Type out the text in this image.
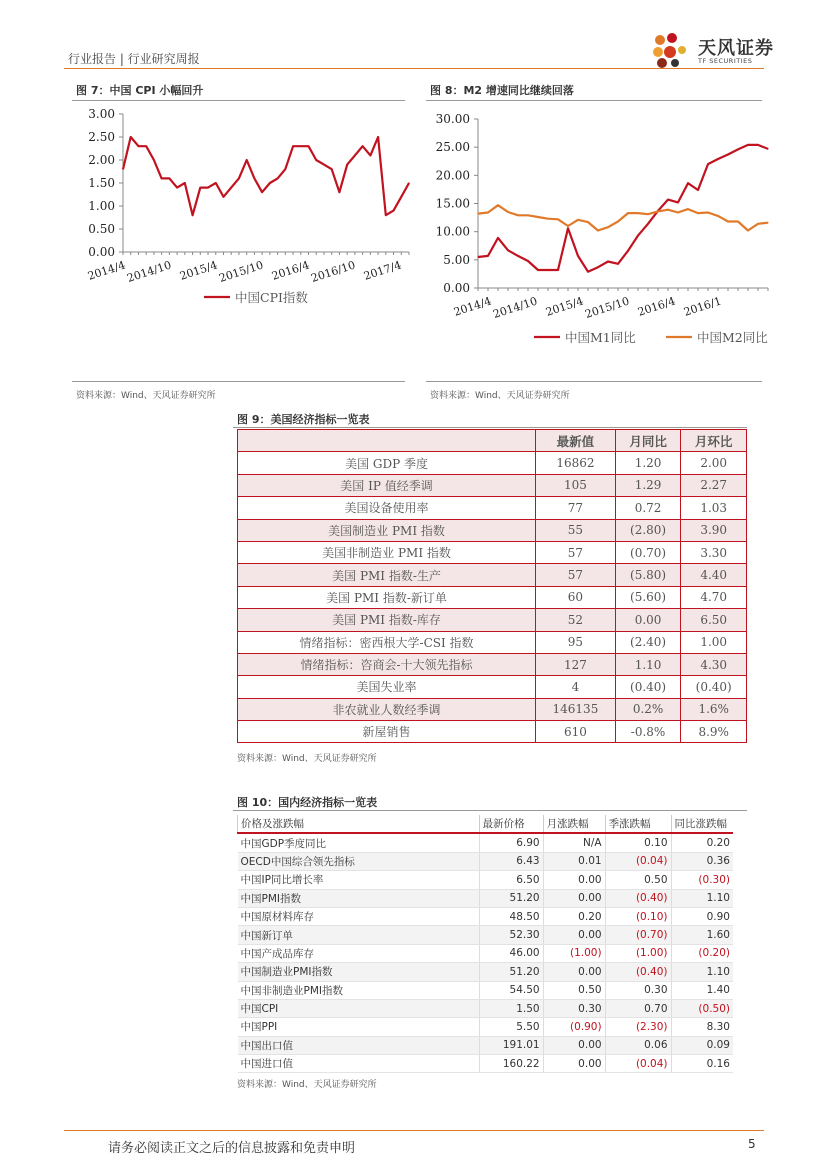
行业报告 | 行业研究周报	天风证券
TF SECURITIES
图 7：中国 CPI 小幅回升
3.00
2.50
2.00
1.50
1.00
0.50
0.00
2014/4
2014/10 2015/4
2015/10 2016/4
2016/10 2017/4
中国CPI指数
资料来源：Wind、天风证券研究所
图 8：M2 增速同比继续回落
30.00
25.00
20.00
15.00
10.00
5.00
0.00
2014/4
2014/10 2015/4
2015/10 2016/4 2016/1
中国M1同比	中国M2同比
资料来源：Wind、天风证券研究所
图 9：美国经济指标一览表
	最新值	月同比	月环比
美国 GDP 季度	16862	1.20	2.00
美国 IP 值经季调	105	1.29	2.27
美国设备使用率	77	0.72	1.03
美国制造业 PMI 指数	55	(2.80)	3.90
美国非制造业 PMI 指数	57	(0.70)	3.30
美国 PMI 指数-生产	57	(5.80)	4.40
美国 PMI 指数-新订单	60	(5.60)	4.70
美国 PMI 指数-库存	52	0.00	6.50
情绪指标：密西根大学-CSI 指数	95	(2.40)	1.00
情绪指标：咨商会-十大领先指标	127	1.10	4.30
美国失业率	4	(0.40)	(0.40)
非农就业人数经季调	146135	0.2%	1.6%
新屋销售	610	-0.8%	8.9%
资料来源：Wind、天风证券研究所
图 10：国内经济指标一览表
价格及涨跌幅	最新价格	月涨跌幅	季涨跌幅	同比涨跌幅
中国GDP季度同比	6.90	N/A	0.10	0.20
OECD中国综合领先指标	6.43	0.01	(0.04)	0.36
中国IP同比增长率	6.50	0.00	0.50	(0.30)
中国PMI指数	51.20	0.00	(0.40)	1.10
中国原材料库存	48.50	0.20	(0.10)	0.90
中国新订单	52.30	0.00	(0.70)	1.60
中国产成品库存	46.00	(1.00)	(1.00)	(0.20)
中国制造业PMI指数	51.20	0.00	(0.40)	1.10
中国非制造业PMI指数	54.50	0.50	0.30	1.40
中国CPI	1.50	0.30	0.70	(0.50)
中国PPI	5.50	(0.90)	(2.30)	8.30
中国出口值	191.01	0.00	0.06	0.09
中国进口值	160.22	0.00	(0.04)	0.16
资料来源：Wind、天风证券研究所
请务必阅读正文之后的信息披露和免责申明	5
